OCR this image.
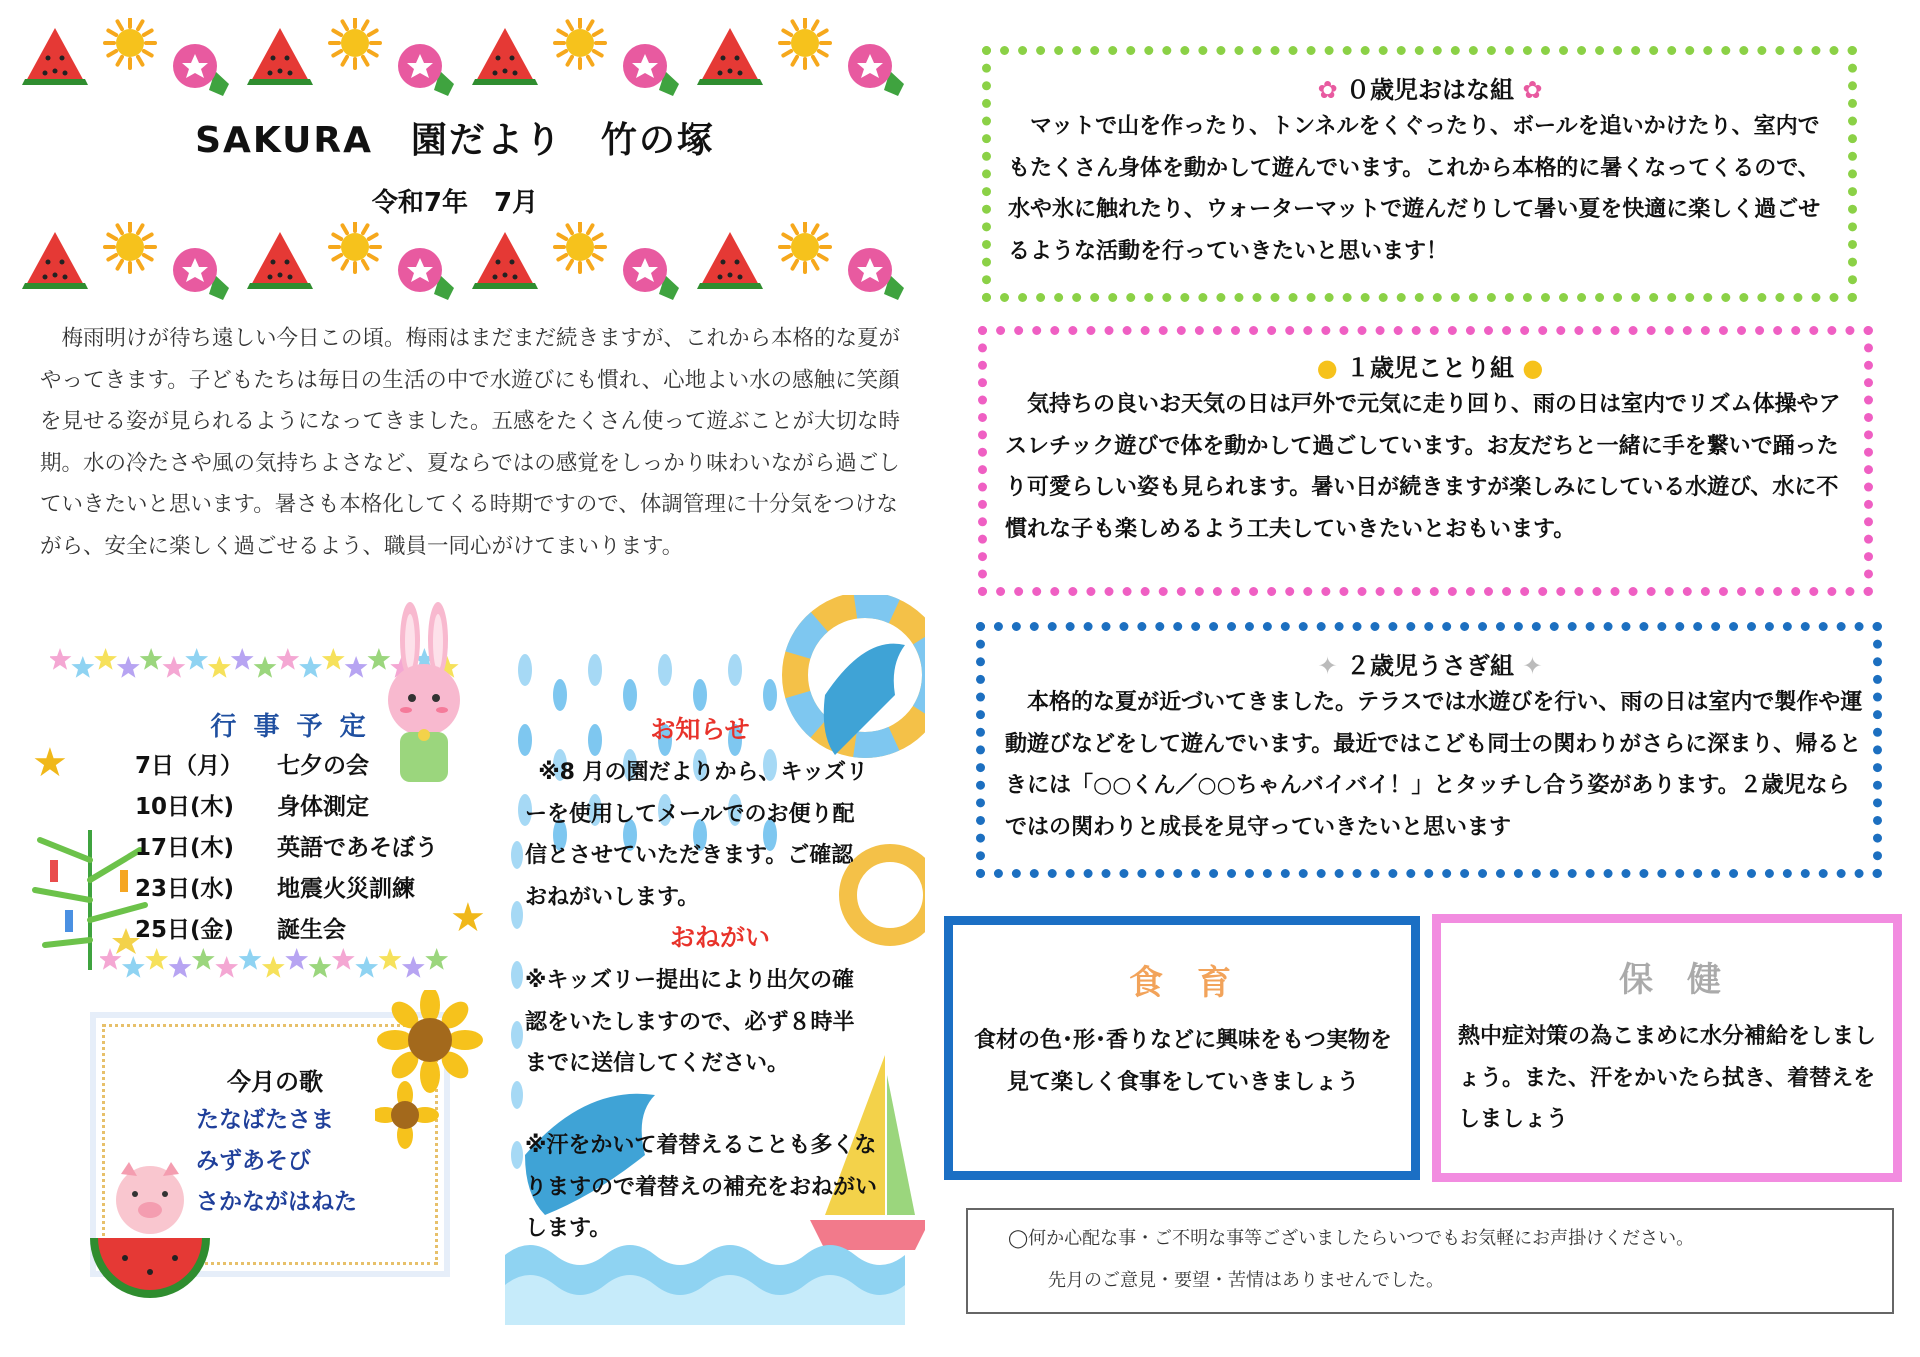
SAKURA　園だより　竹の塚
令和7年　7月
梅雨明けが待ち遠しい今日この頃。梅雨はまだまだ続きますが、これから本格的な夏がやってきます。子どもたちは毎日の生活の中で水遊びにも慣れ、心地よい水の感触に笑顔を見せる姿が見られるようになってきました。五感をたくさん使って遊ぶことが大切な時期。水の冷たさや風の気持ちよさなど、夏ならではの感覚をしっかり味わいながら過ごしていきたいと思います。暑さも本格化してくる時期ですので、体調管理に十分気をつけながら、安全に楽しく過ごせるよう、職員一同心がけてまいります。
★
★
行 事 予 定
7日（月）	七夕の会
10日(木)	身体測定
17日(木)	英語であそぼう
23日(水)	地震火災訓練
25日(金)	誕生会
今月の歌
たなばたさま
みずあそび
さかながはねた
お知らせ
※8 月の園だよりから、キッズリーを使用してメールでのお便り配信とさせていただきます。ご確認おねがいします。
おねがい
※キッズリー提出により出欠の確認をいたしますので、必ず８時半までに送信してください。
※汗をかいて着替えることも多くなりますので着替えの補充をおねがいします。
✿ ０歳児おはな組 ✿
マットで山を作ったり、トンネルをくぐったり、ボールを追いかけたり、室内でもたくさん身体を動かして遊んでいます。これから本格的に暑くなってくるので、水や氷に触れたり、ウォーターマットで遊んだりして暑い夏を快適に楽しく過ごせるような活動を行っていきたいと思います！
● １歳児ことり組 ●
気持ちの良いお天気の日は戸外で元気に走り回り、雨の日は室内でリズム体操やアスレチック遊びで体を動かして過ごしています。お友だちと一緒に手を繋いで踊ったり可愛らしい姿も見られます。暑い日が続きますが楽しみにしている水遊び、水に不慣れな子も楽しめるよう工夫していきたいとおもいます。
✦ ２歳児うさぎ組 ✦
本格的な夏が近づいてきました。テラスでは水遊びを行い、雨の日は室内で製作や運動遊びなどをして遊んでいます。最近ではこども同士の関わりがさらに深まり、帰るときには「○○くん／○○ちゃんバイバイ！」とタッチし合う姿があります。２歳児ならではの関わりと成長を見守っていきたいと思います
食　育
食材の色･形･香りなどに興味をもつ実物を見て楽しく食事をしていきましょう
保　健
熱中症対策の為こまめに水分補給をしましょう。また、汗をかいたら拭き、着替えをしましょう
◯何か心配な事・ご不明な事等ございましたらいつでもお気軽にお声掛けください。
先月のご意見・要望・苦情はありませんでした。
